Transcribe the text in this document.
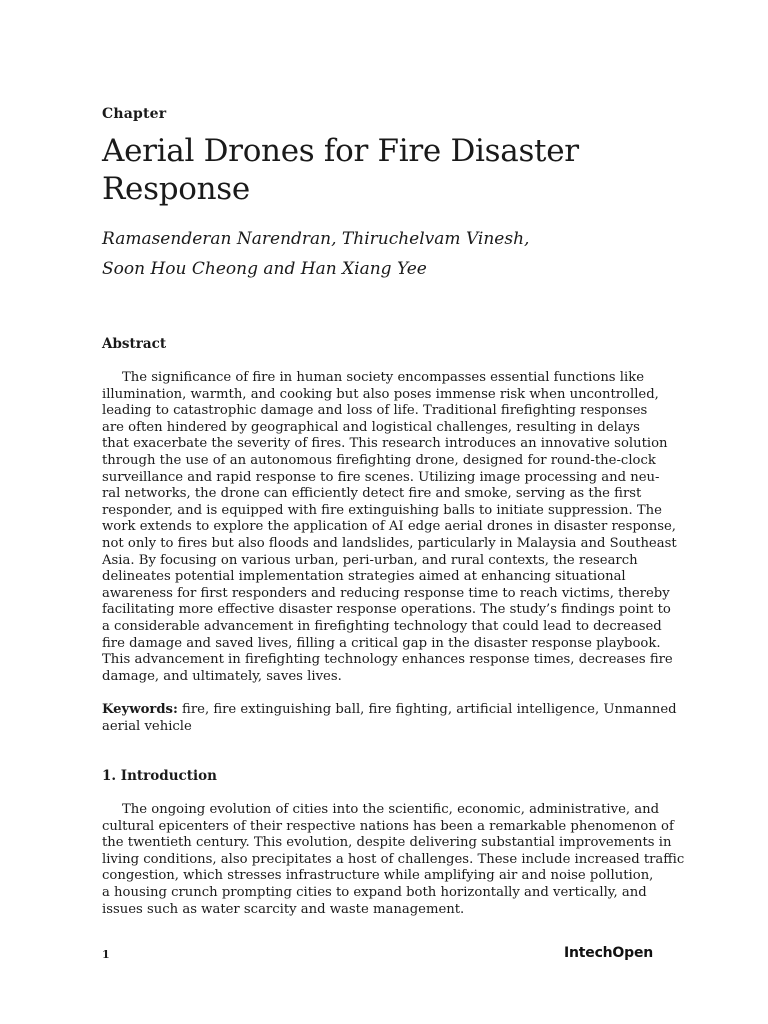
Chapter

Aerial Drones for Fire Disaster Response
Ramasenderan Narendran, Thiruchelvam Vinesh,
Soon Hou Cheong and Han Xiang Yee
Abstract
The significance of fire in human society encompasses essential functions like
illumination, warmth, and cooking but also poses immense risk when uncontrolled,
leading to catastrophic damage and loss of life. Traditional firefighting responses
are often hindered by geographical and logistical challenges, resulting in delays
that exacerbate the severity of fires. This research introduces an innovative solution
through the use of an autonomous firefighting drone, designed for round-the-clock
surveillance and rapid response to fire scenes. Utilizing image processing and neu-
ral networks, the drone can efficiently detect fire and smoke, serving as the first
responder, and is equipped with fire extinguishing balls to initiate suppression. The
work extends to explore the application of AI edge aerial drones in disaster response,
not only to fires but also floods and landslides, particularly in Malaysia and Southeast
Asia. By focusing on various urban, peri-urban, and rural contexts, the research
delineates potential implementation strategies aimed at enhancing situational
awareness for first responders and reducing response time to reach victims, thereby
facilitating more effective disaster response operations. The study’s findings point to
a considerable advancement in firefighting technology that could lead to decreased
fire damage and saved lives, filling a critical gap in the disaster response playbook.
This advancement in firefighting technology enhances response times, decreases fire
damage, and ultimately, saves lives.
Keywords: fire, fire extinguishing ball, fire fighting, artificial intelligence, Unmanned
aerial vehicle
1. Introduction
The ongoing evolution of cities into the scientific, economic, administrative, and
cultural epicenters of their respective nations has been a remarkable phenomenon of
the twentieth century. This evolution, despite delivering substantial improvements in
living conditions, also precipitates a host of challenges. These include increased traffic
congestion, which stresses infrastructure while amplifying air and noise pollution,
a housing crunch prompting cities to expand both horizontally and vertically, and
issues such as water scarcity and waste management.

1	IntechOpen
